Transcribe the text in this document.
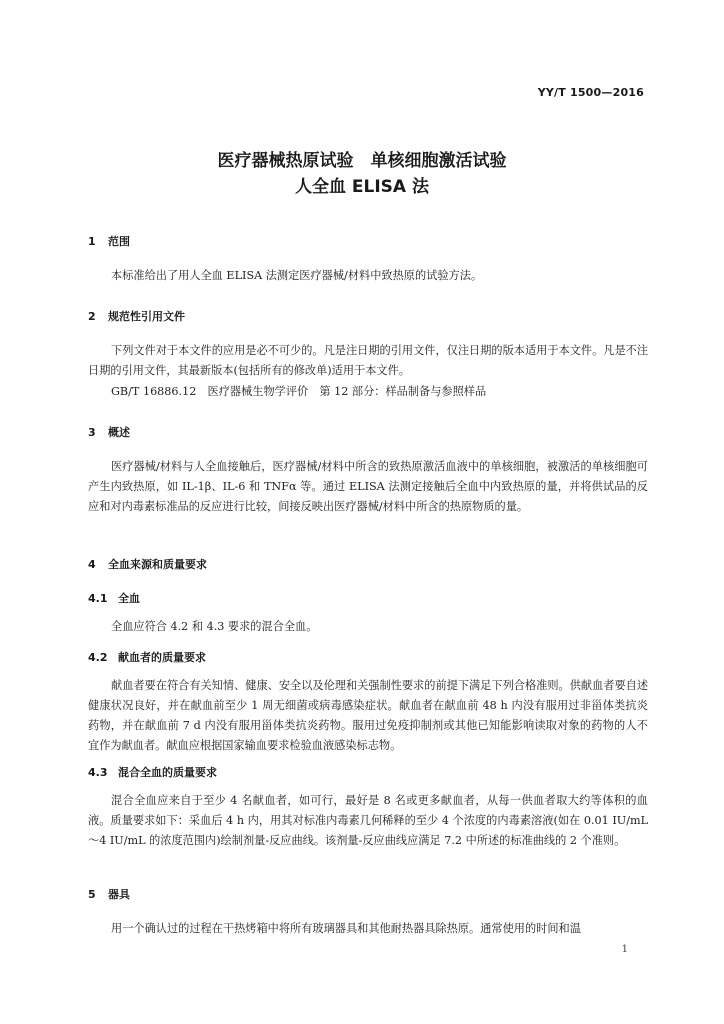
YY/T 1500—2016
医疗器械热原试验　单核细胞激活试验
人全血 ELISA 法
1 范围
本标准给出了用人全血 ELISA 法测定医疗器械/材料中致热原的试验方法。
2 规范性引用文件
下列文件对于本文件的应用是必不可少的。凡是注日期的引用文件，仅注日期的版本适用于本文件。凡是不注日期的引用文件，其最新版本(包括所有的修改单)适用于本文件。
GB/T 16886.12　医疗器械生物学评价　第 12 部分：样品制备与参照样品
3 概述
医疗器械/材料与人全血接触后，医疗器械/材料中所含的致热原激活血液中的单核细胞，被激活的单核细胞可产生内致热原，如 IL-1β、IL-6 和 TNFα 等。通过 ELISA 法测定接触后全血中内致热原的量，并将供试品的反应和对内毒素标准品的反应进行比较，间接反映出医疗器械/材料中所含的热原物质的量。
4 全血来源和质量要求
4.1 全血
全血应符合 4.2 和 4.3 要求的混合全血。
4.2 献血者的质量要求
献血者要在符合有关知情、健康、安全以及伦理和关强制性要求的前提下满足下列合格准则。供献血者要自述健康状况良好，并在献血前至少 1 周无细菌或病毒感染症状。献血者在献血前 48 h 内没有服用过非甾体类抗炎药物，并在献血前 7 d 内没有服用甾体类抗炎药物。服用过免疫抑制剂或其他已知能影响读取对象的药物的人不宜作为献血者。献血应根据国家输血要求检验血液感染标志物。
4.3 混合全血的质量要求
混合全血应来自于至少 4 名献血者，如可行，最好是 8 名或更多献血者，从每一供血者取大约等体积的血液。质量要求如下：采血后 4 h 内，用其对标准内毒素几何稀释的至少 4 个浓度的内毒素溶液(如在 0.01 IU/mL～4 IU/mL 的浓度范围内)绘制剂量-反应曲线。该剂量-反应曲线应满足 7.2 中所述的标准曲线的 2 个准则。
5 器具
用一个确认过的过程在干热烤箱中将所有玻璃器具和其他耐热器具除热原。通常使用的时间和温
1
